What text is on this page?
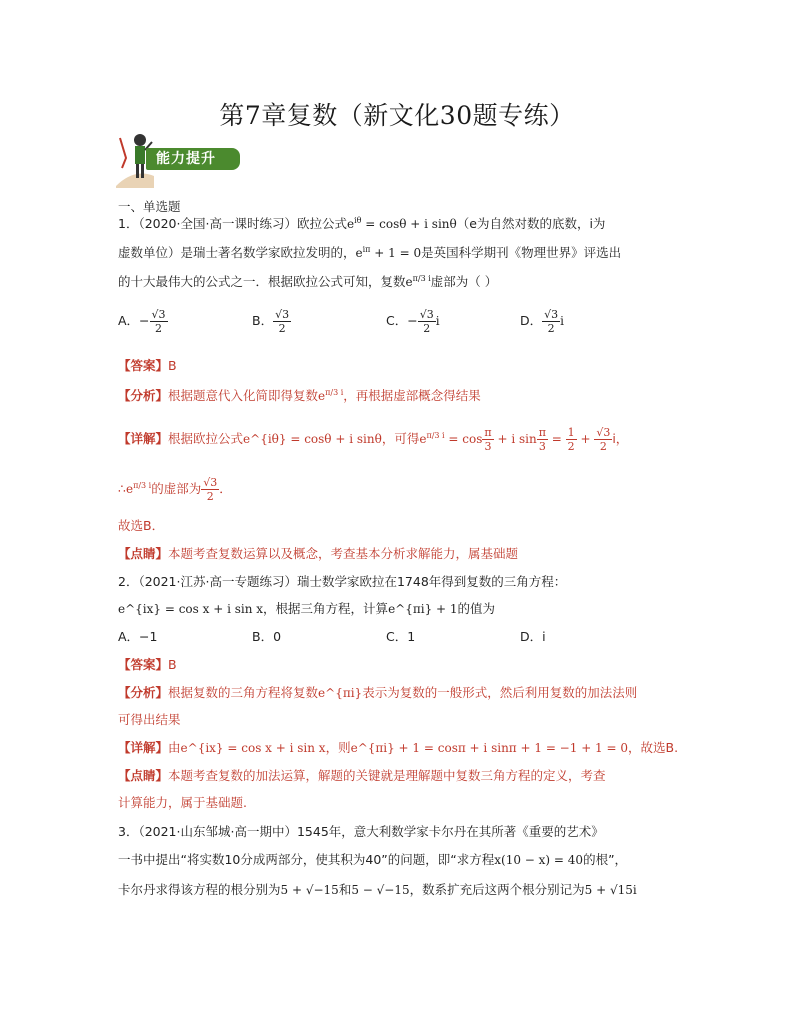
第7章复数（新文化30题专练）
能力提升
一、单选题
1．（2020·全国·高一课时练习）欧拉公式$e^{i\theta} = \cos\theta + i$ sinθ（e为自然对数的底数，i为
虚数单位）是瑞士著名数学家欧拉发明的，$e^{i\pi} + 1 = 0$是英国科学期刊《物理世界》评选出
的十大最伟大的公式之一．根据欧拉公式可知，复数$e^{\pi/3 i}$虚部为（ ）
A．− $\frac{√3}{2}$	B． $\frac{√3}{2}$	C．− $\frac{√3}{2}$ i	D． $\frac{√3}{2}$ i
【答案】B
【分析】根据题意代入化简即得复数$e^{\pi/3 i}$，再根据虚部概念得结果
【详解】根据欧拉公式e^{iθ} = cosθ + i sinθ，可得$e^{\pi/3 i} = \cos \frac{\pi}{3} + i$ $\sin \frac{\pi}{3} = \frac{1}{2} + \frac{√3}{2}$ i，
$\therefore e^{\pi/3 i}$的虚部为 $\frac{√3}{2}$ ．
故选B．
【点睛】本题考查复数运算以及概念，考查基本分析求解能力，属基础题
2．（2021·江苏·高一专题练习）瑞士数学家欧拉在1748年得到复数的三角方程：
e^{ix} = cos x + i sin x，根据三角方程，计算e^{πi} + 1的值为
A．−1	B．0	C．1	D．i
【答案】B
【分析】根据复数的三角方程将复数e^{πi}表示为复数的一般形式，然后利用复数的加法法则
可得出结果
【详解】由e^{ix} = cos x + i sin x，则e^{πi} + 1 = cosπ + i sinπ + 1 = −1 + 1 = 0，故选B.
【点睛】本题考查复数的加法运算，解题的关键就是理解题中复数三角方程的定义，考查
计算能力，属于基础题.
3．（2021·山东邹城·高一期中）1545年，意大利数学家卡尔丹在其所著《重要的艺术》
一书中提出“将实数10分成两部分，使其积为40”的问题，即“求方程x(10 − x) = 40的根”，
卡尔丹求得该方程的根分别为5 + √−15和5 − √−15，数系扩充后这两个根分别记为5 + √15i
